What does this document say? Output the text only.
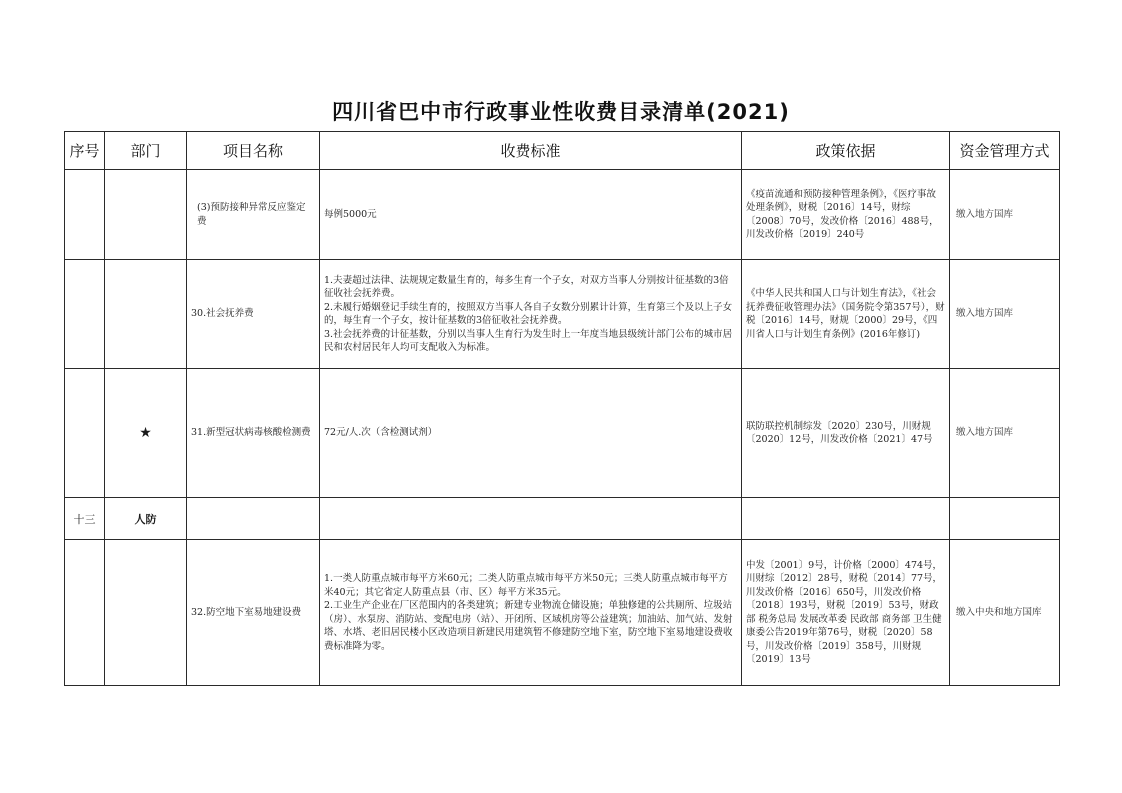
四川省巴中市行政事业性收费目录清单(2021)
序号	部门	项目名称	收费标准	政策依据	资金管理方式

		(3)预防接种异常反应鉴定费	每例5000元	《疫苗流通和预防接种管理条例》，《医疗事故处理条例》，财税〔2016〕14号，财综〔2008〕70号，发改价格〔2016〕488号，川发改价格〔2019〕240号	缴入地方国库

		30.社会抚养费	1.夫妻超过法律、法规规定数量生育的，每多生育一个子女，对双方当事人分别按计征基数的3倍征收社会抚养费。
2.未履行婚姻登记手续生育的，按照双方当事人各自子女数分别累计计算，生育第三个及以上子女的，每生育一个子女，按计征基数的3倍征收社会抚养费。
3.社会抚养费的计征基数，分别以当事人生育行为发生时上一年度当地县级统计部门公布的城市居民和农村居民年人均可支配收入为标准。	《中华人民共和国人口与计划生育法》，《社会抚养费征收管理办法》（国务院令第357号），财税〔2016〕14号，财规〔2000〕29号，《四川省人口与计划生育条例》(2016年修订)	缴入地方国库

	★	31.新型冠状病毒核酸检测费	72元/人.次（含检测试剂）	联防联控机制综发〔2020〕230号，川财规〔2020〕12号，川发改价格〔2021〕47号	缴入地方国库

十三	人防	

		32.防空地下室易地建设费	1.一类人防重点城市每平方米60元；二类人防重点城市每平方米50元；三类人防重点城市每平方米40元；其它省定人防重点县（市、区）每平方米35元。
2.工业生产企业在厂区范围内的各类建筑；新建专业物流仓储设施；单独修建的公共厕所、垃圾站（房）、水泵房、消防站、变配电房（站）、开闭所、区域机房等公益建筑；加油站、加气站、发射塔、水塔、老旧居民楼小区改造项目新建民用建筑暂不修建防空地下室，防空地下室易地建设费收费标准降为零。	中发〔2001〕9号，计价格〔2000〕474号，川财综〔2012〕28号，财税〔2014〕77号，川发改价格〔2016〕650号，川发改价格〔2018〕193号，财税〔2019〕53号，财政部 税务总局 发展改革委 民政部 商务部 卫生健康委公告2019年第76号，财税〔2020〕58号，川发改价格〔2019〕358号，川财规〔2019〕13号	缴入中央和地方国库
